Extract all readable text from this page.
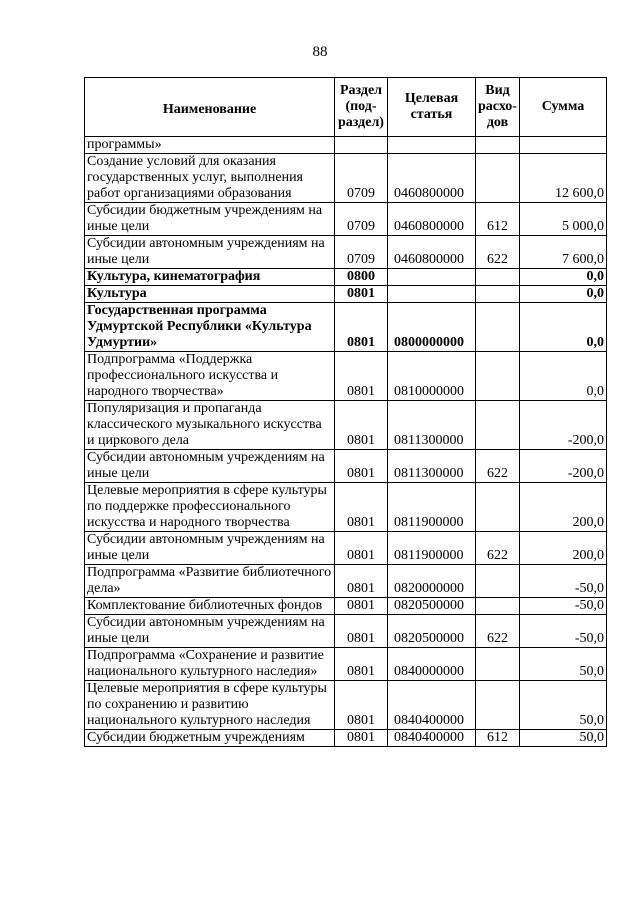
88
Наименование	Раздел (под-раздел)	Целевая статья	Вид расхо-дов	Сумма
программы»				
Создание условий для оказания государственных услуг, выполнения работ организациями образования	0709	0460800000		12 600,0
Субсидии бюджетным учреждениям на иные цели	0709	0460800000	612	5 000,0
Субсидии автономным учреждениям на иные цели	0709	0460800000	622	7 600,0
Культура, кинематография	0800			0,0
Культура	0801			0,0
Государственная программа Удмуртской Республики «Культура Удмуртии»	0801	0800000000		0,0
Подпрограмма «Поддержка профессионального искусства и народного творчества»	0801	0810000000		0,0
Популяризация и пропаганда классического музыкального искусства и циркового дела	0801	0811300000		-200,0
Субсидии автономным учреждениям на иные цели	0801	0811300000	622	-200,0
Целевые мероприятия в сфере культуры по поддержке профессионального искусства и народного творчества	0801	0811900000		200,0
Субсидии автономным учреждениям на иные цели	0801	0811900000	622	200,0
Подпрограмма «Развитие библиотечного дела»	0801	0820000000		-50,0
Комплектование библиотечных фондов	0801	0820500000		-50,0
Субсидии автономным учреждениям на иные цели	0801	0820500000	622	-50,0
Подпрограмма «Сохранение и развитие национального культурного наследия»	0801	0840000000		50,0
Целевые мероприятия в сфере культуры по сохранению и развитию национального культурного наследия	0801	0840400000		50,0
Субсидии бюджетным учреждениям	0801	0840400000	612	50,0
